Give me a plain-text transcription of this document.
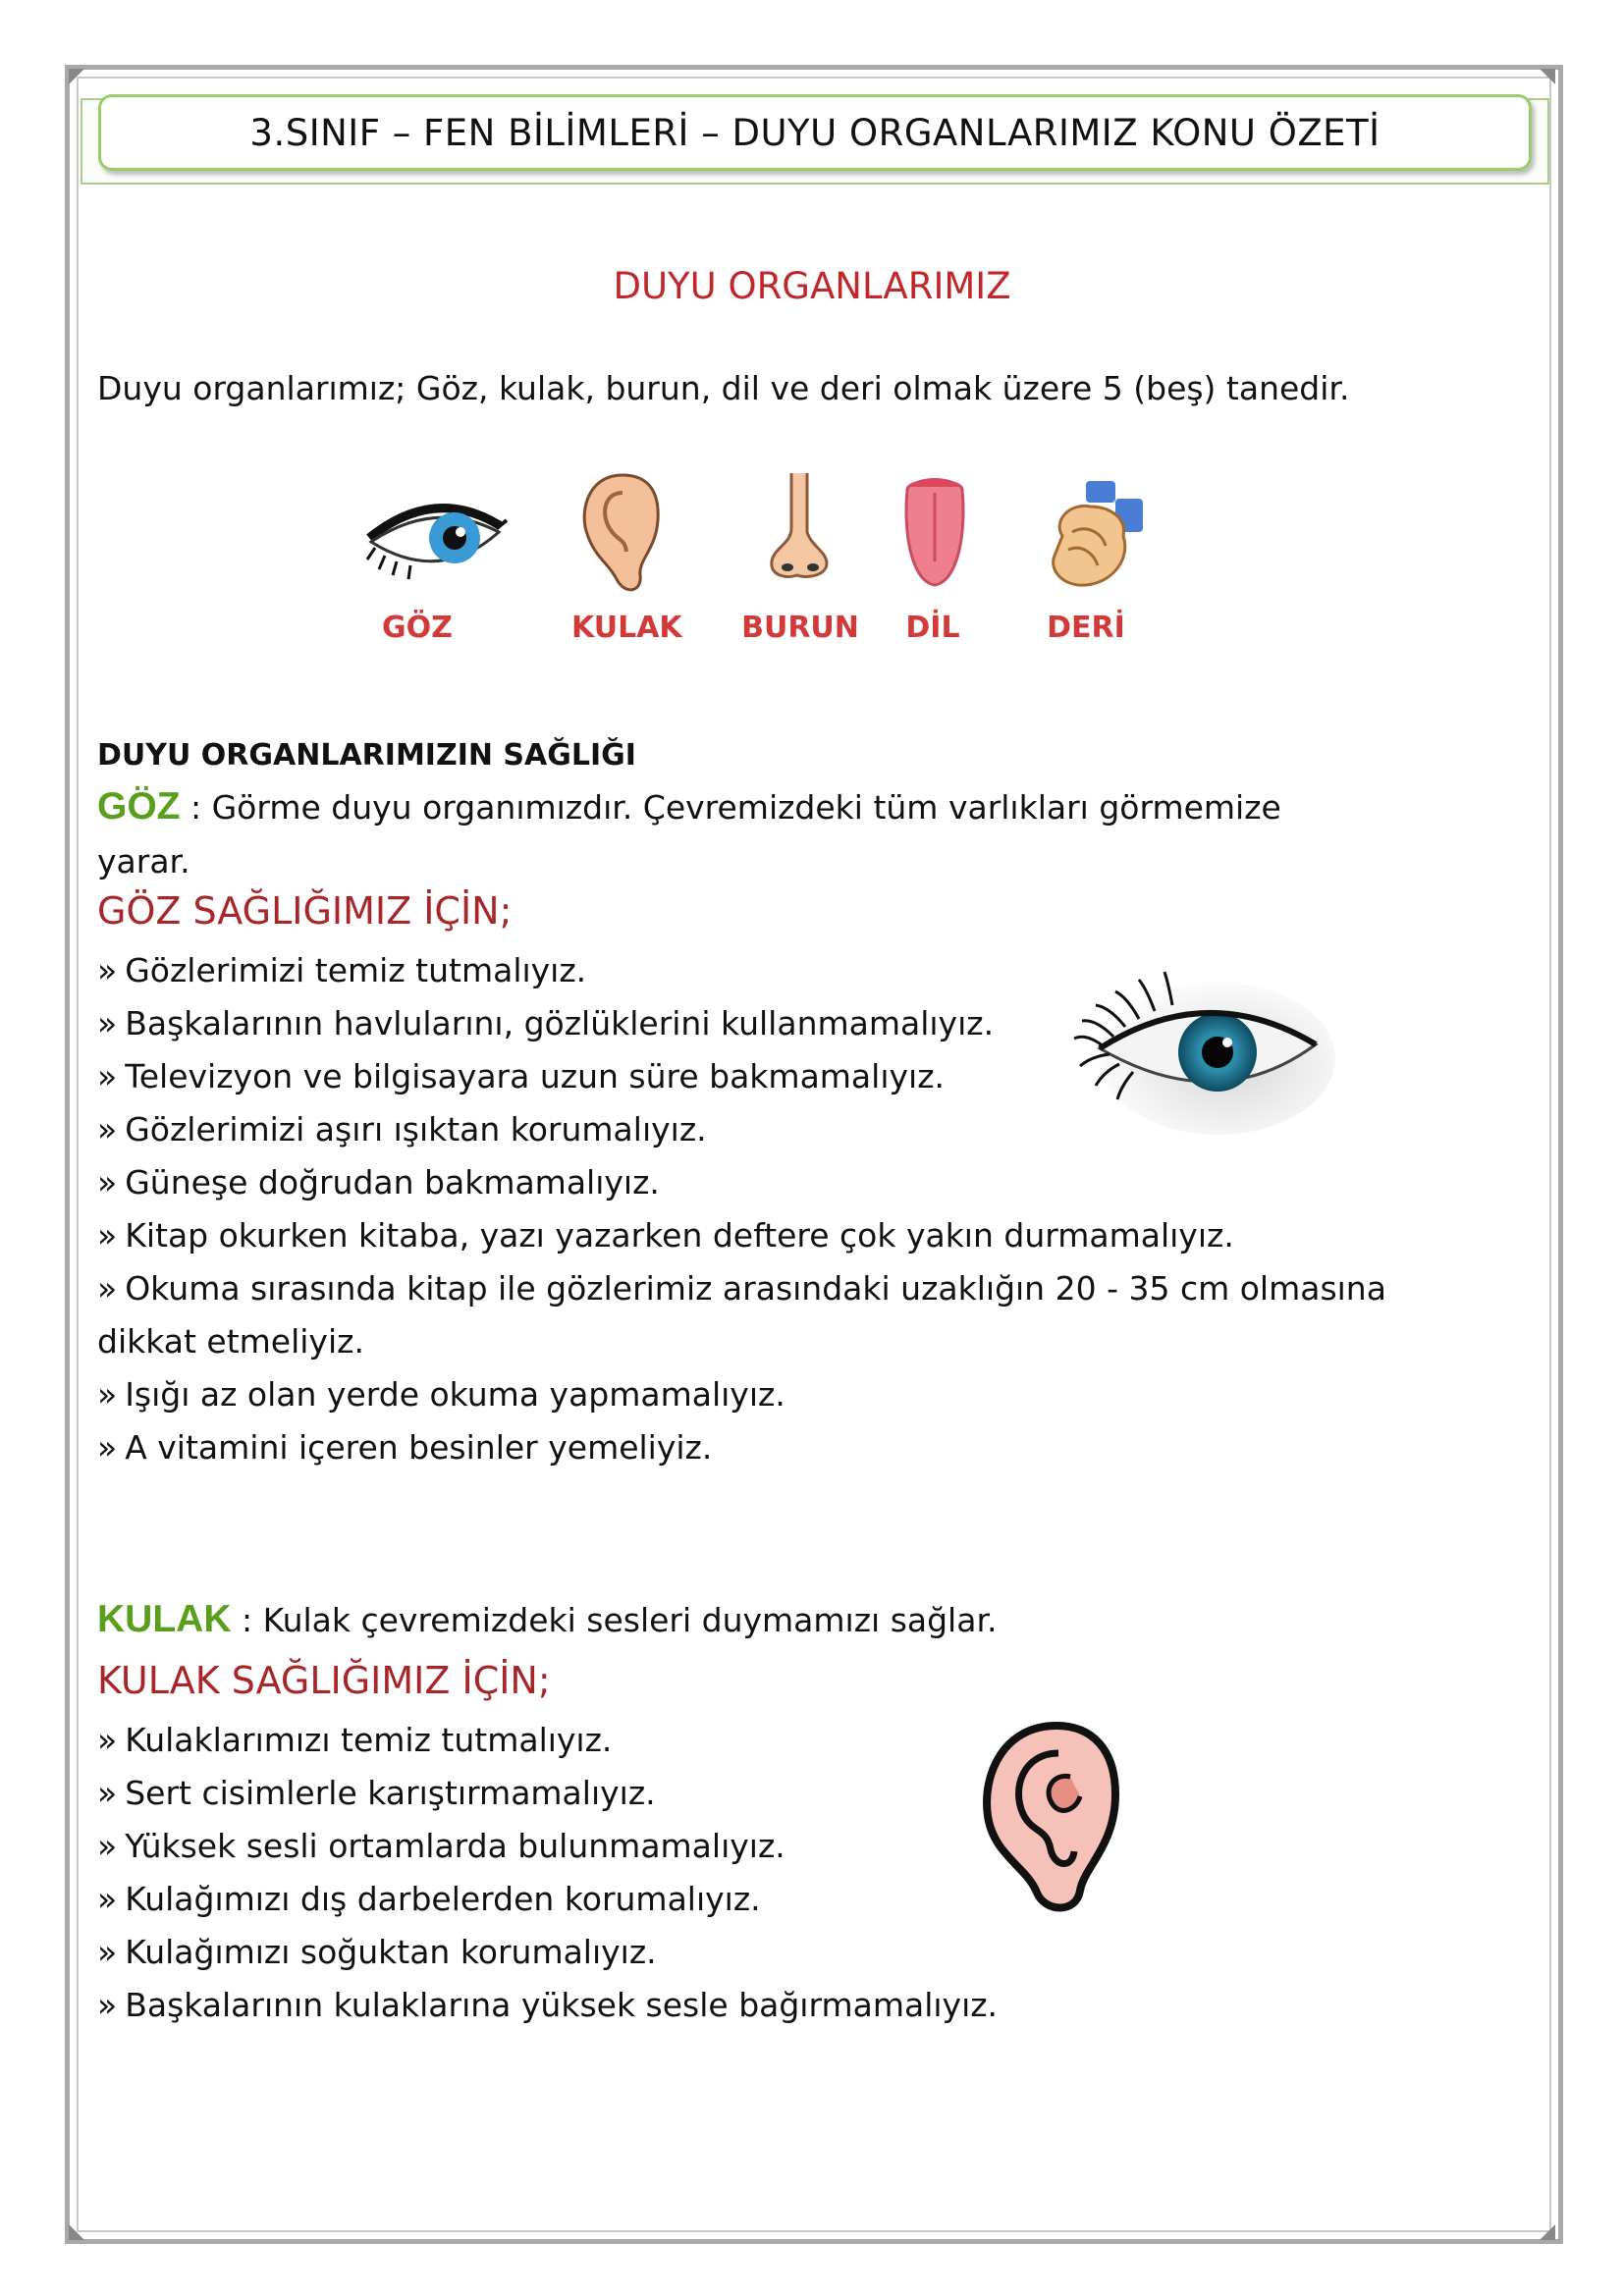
3.SINIF – FEN BİLİMLERİ – DUYU ORGANLARIMIZ KONU ÖZETİ
DUYU ORGANLARIMIZ
Duyu organlarımız; Göz, kulak, burun, dil ve deri olmak üzere 5 (beş) tanedir.
GÖZ	KULAK BURUN	DİL	DERİ
DUYU ORGANLARIMIZIN SAĞLIĞI
GÖZ : Görme duyu organımızdır. Çevremizdeki tüm varlıkları görmemize
yarar.
GÖZ SAĞLIĞIMIZ İÇİN;
» Gözlerimizi temiz tutmalıyız.
» Başkalarının havlularını, gözlüklerini kullanmamalıyız.
» Televizyon ve bilgisayara uzun süre bakmamalıyız.
» Gözlerimizi aşırı ışıktan korumalıyız.
» Güneşe doğrudan bakmamalıyız.
» Kitap okurken kitaba, yazı yazarken deftere çok yakın durmamalıyız.
» Okuma sırasında kitap ile gözlerimiz arasındaki uzaklığın 20 - 35 cm olmasına
dikkat etmeliyiz.
» Işığı az olan yerde okuma yapmamalıyız.
» A vitamini içeren besinler yemeliyiz.
KULAK : Kulak çevremizdeki sesleri duymamızı sağlar.
KULAK SAĞLIĞIMIZ İÇİN;
» Kulaklarımızı temiz tutmalıyız.
» Sert cisimlerle karıştırmamalıyız.
» Yüksek sesli ortamlarda bulunmamalıyız.
» Kulağımızı dış darbelerden korumalıyız.
» Kulağımızı soğuktan korumalıyız.
» Başkalarının kulaklarına yüksek sesle bağırmamalıyız.
